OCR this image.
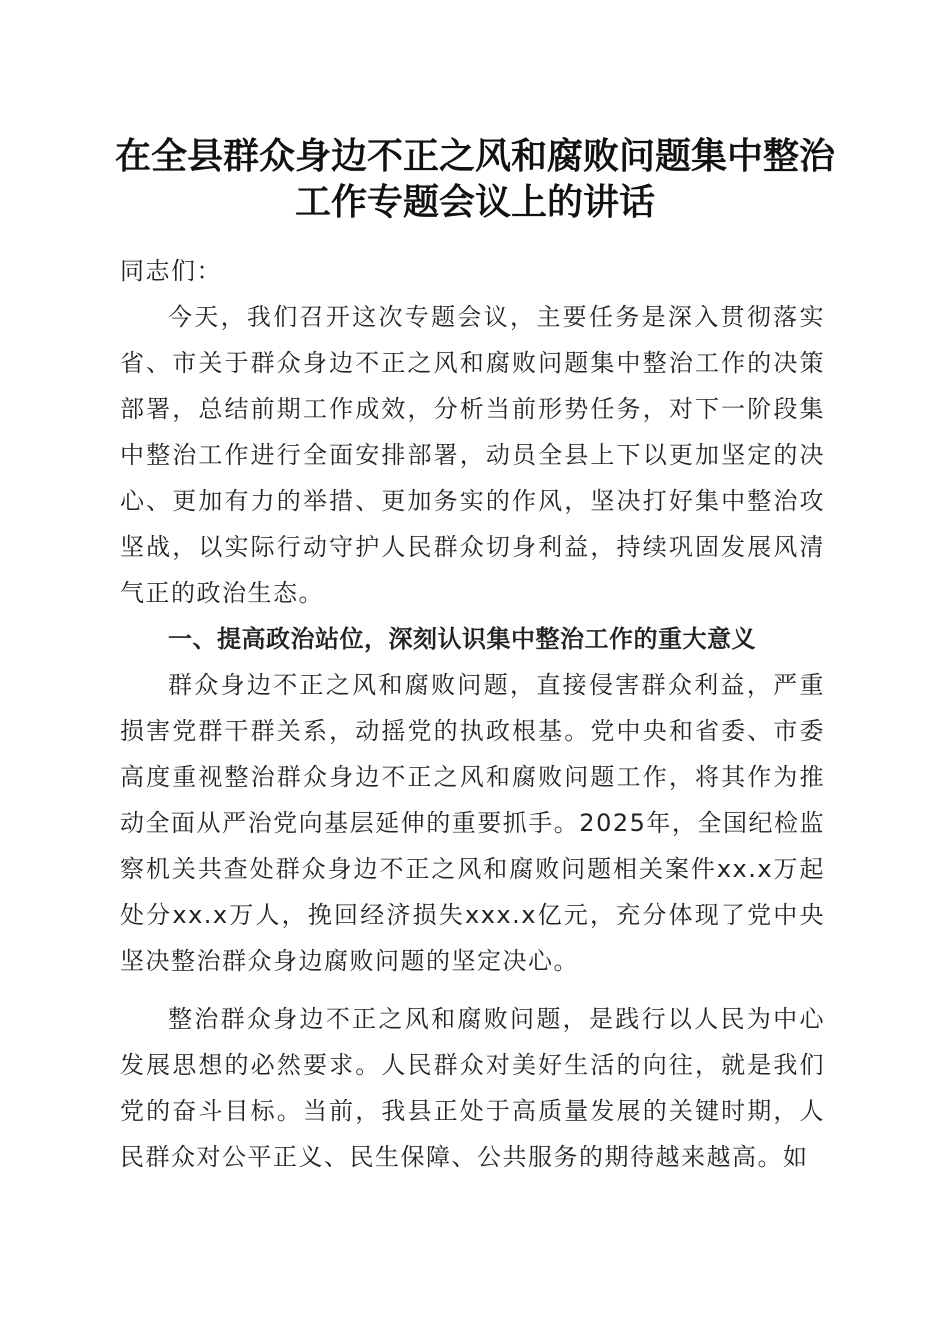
在全县群众身边不正之风和腐败问题集中整治
工作专题会议上的讲话

同志们：

今天，我们召开这次专题会议，主要任务是深入贯彻落实省、市关于群众身边不正之风和腐败问题集中整治工作的决策部署，总结前期工作成效，分析当前形势任务，对下一阶段集中整治工作进行全面安排部署，动员全县上下以更加坚定的决心、更加有力的举措、更加务实的作风，坚决打好集中整治攻坚战，以实际行动守护人民群众切身利益，持续巩固发展风清气正的政治生态。

一、提高政治站位，深刻认识集中整治工作的重大意义

群众身边不正之风和腐败问题，直接侵害群众利益，严重损害党群干群关系，动摇党的执政根基。党中央和省委、市委高度重视整治群众身边不正之风和腐败问题工作，将其作为推动全面从严治党向基层延伸的重要抓手。2025年，全国纪检监察机关共查处群众身边不正之风和腐败问题相关案件xx.x万起处分xx.x万人，挽回经济损失xxx.x亿元，充分体现了党中央坚决整治群众身边腐败问题的坚定决心。

整治群众身边不正之风和腐败问题，是践行以人民为中心发展思想的必然要求。人民群众对美好生活的向往，就是我们党的奋斗目标。当前，我县正处于高质量发展的关键时期，人民群众对公平正义、民生保障、公共服务的期待越来越高。如
